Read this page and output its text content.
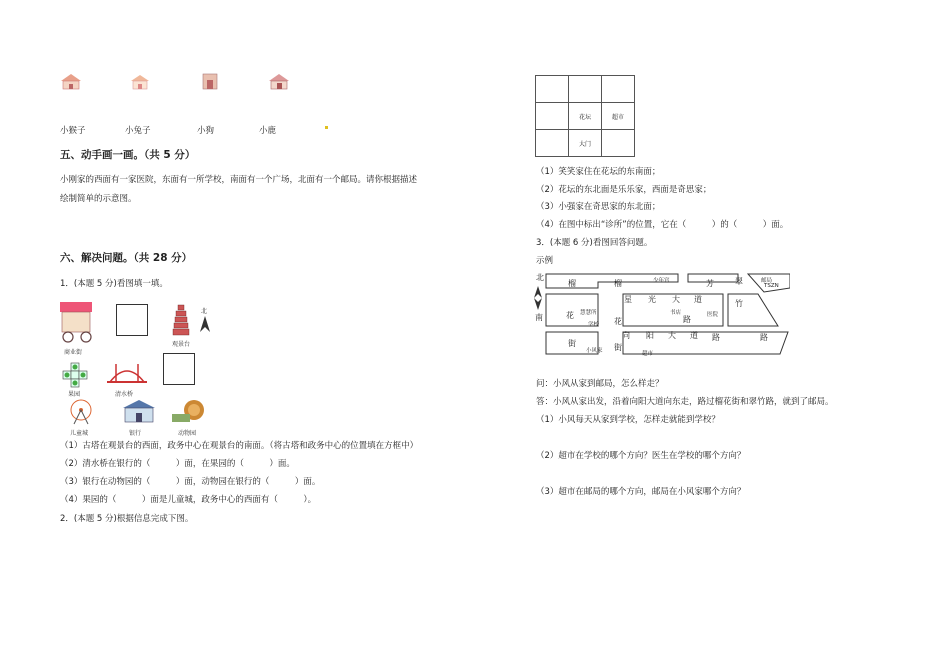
小猴子	小兔子	小狗	小鹿
五、动手画一画。（共 5 分）
小刚家的西面有一家医院，东面有一所学校，南面有一个广场，北面有一个邮局。请你根据描述
绘制简单的示意图。
六、解决问题。（共 28 分）
1．(本题 5 分)看图填一填。
商业街
观景台
北
果园	清水桥
儿童城	银行	动物园
（1）古塔在观景台的西面，政务中心在观景台的南面。（将古塔和政务中心的位置填在方框中）
（2）清水桥在银行的（　　　）面，在果园的（　　　）面。
（3）银行在动物园的（　　　）面，动物园在银行的（　　　）面。
（4）果园的（　　　）面是儿童城，政务中心的西面有（　　　）。
2．(本题 5 分)根据信息完成下图。
花坛	超市
大门
（1）笑笑家住在花坛的东南面；
（2）花坛的东北面是乐乐家，西面是奇思家；
（3）小强家在奇思家的东北面；
（4）在图中标出“诊所”的位置，它在（　　　）的（　　　）面。
3．(本题 6 分)看图回答问题。
示例
北
南
榴	榴	少年宫	芳	翠	邮局
TSZN
星 光 大 道	竹
花 慧慧所
学校 花
书店
路	医院
向 阳 大 道 路	路
街
小风家 街
超市
问：小风从家到邮局，怎么样走？
答：小风从家出发，沿着向阳大道向东走，路过榴花街和翠竹路，就到了邮局。
（1）小风每天从家到学校，怎样走就能到学校？
（2）超市在学校的哪个方向？医生在学校的哪个方向？
（3）超市在邮局的哪个方向，邮局在小风家哪个方向？
